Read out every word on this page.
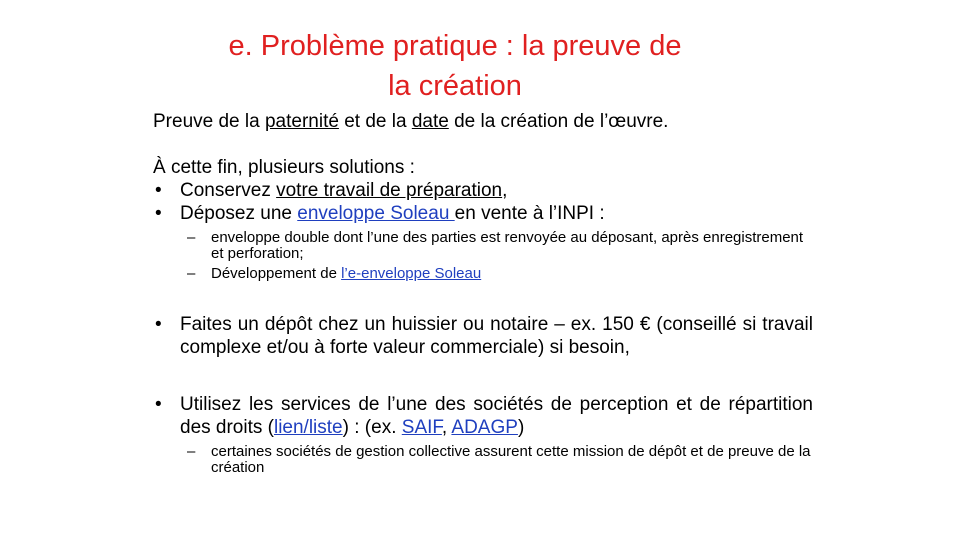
e. Problème pratique : la preuve de
la création

Preuve de la paternité et de la date de la création de l’œuvre.

À cette fin, plusieurs solutions :

• Conservez votre travail de préparation,

• Déposez une enveloppe Soleau en vente à l’INPI :

– enveloppe double dont l’une des parties est renvoyée au déposant, après enregistrement et perforation;

– Développement de l’e-enveloppe Soleau

• Faites un dépôt chez un huissier ou notaire – ex. 150 € (conseillé si travail complexe et/ou à forte valeur commerciale) si besoin,

• Utilisez les services de l’une des sociétés de perception et de répartition des droits (lien/liste) : (ex. SAIF, ADAGP)

– certaines sociétés de gestion collective assurent cette mission de dépôt et de preuve de la création
